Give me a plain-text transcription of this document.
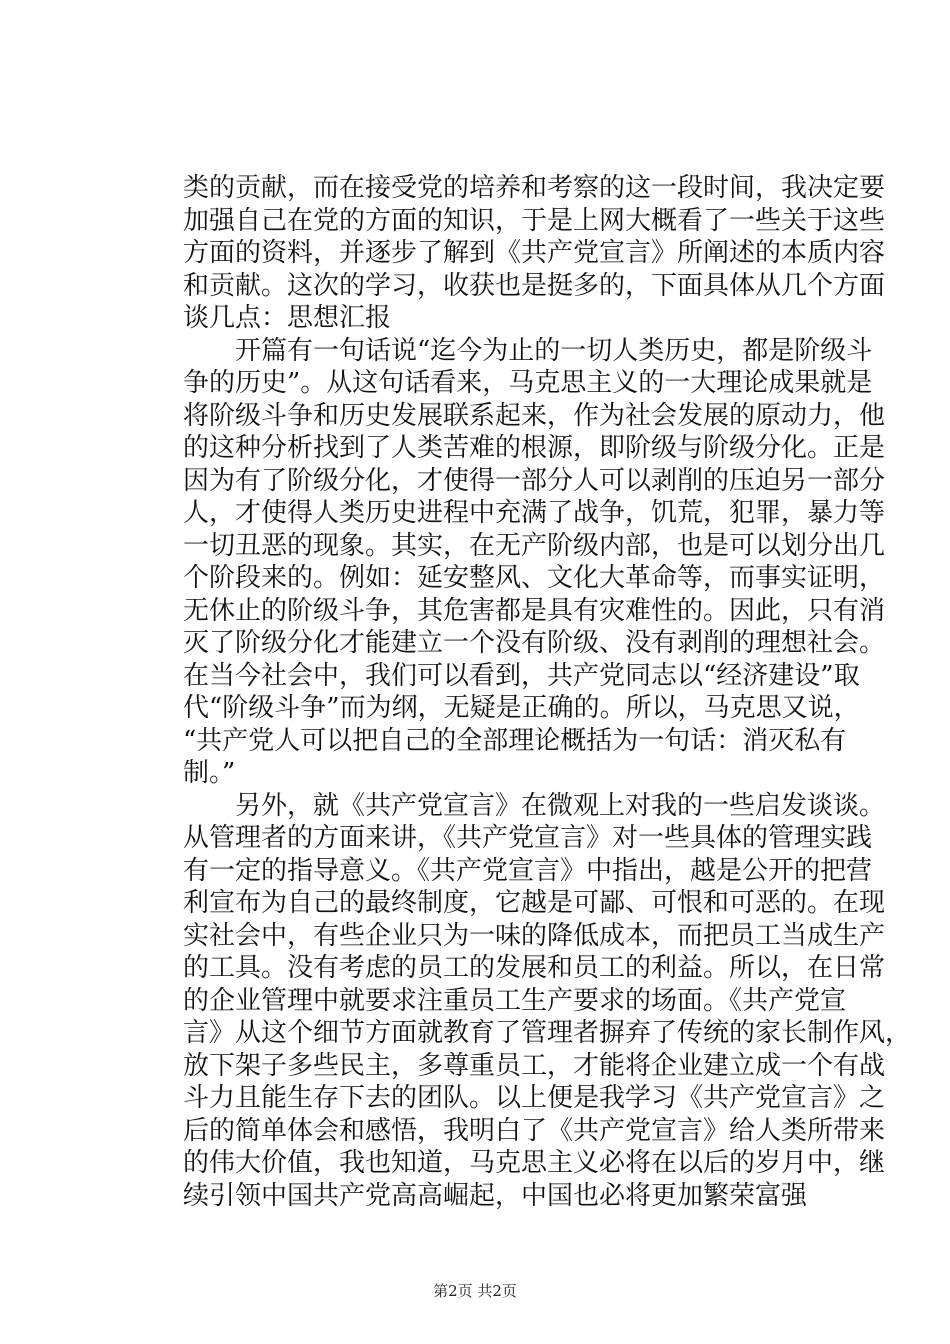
类的贡献，而在接受党的培养和考察的这一段时间，我决定要
加强自己在党的方面的知识，于是上网大概看了一些关于这些
方面的资料，并逐步了解到《共产党宣言》所阐述的本质内容
和贡献。这次的学习，收获也是挺多的，下面具体从几个方面
谈几点：思想汇报
　　开篇有一句话说“迄今为止的一切人类历史，都是阶级斗
争的历史”。从这句话看来，马克思主义的一大理论成果就是
将阶级斗争和历史发展联系起来，作为社会发展的原动力，他
的这种分析找到了人类苦难的根源，即阶级与阶级分化。正是
因为有了阶级分化，才使得一部分人可以剥削的压迫另一部分
人，才使得人类历史进程中充满了战争，饥荒，犯罪，暴力等
一切丑恶的现象。其实，在无产阶级内部，也是可以划分出几
个阶段来的。例如：延安整风、文化大革命等，而事实证明，
无休止的阶级斗争，其危害都是具有灾难性的。因此，只有消
灭了阶级分化才能建立一个没有阶级、没有剥削的理想社会。
在当今社会中，我们可以看到，共产党同志以“经济建设”取
代“阶级斗争”而为纲，无疑是正确的。所以，马克思又说，
“共产党人可以把自己的全部理论概括为一句话：消灭私有
制。”
　　另外，就《共产党宣言》在微观上对我的一些启发谈谈。
从管理者的方面来讲，《共产党宣言》对一些具体的管理实践
有一定的指导意义。《共产党宣言》中指出，越是公开的把营
利宣布为自己的最终制度，它越是可鄙、可恨和可恶的。在现
实社会中，有些企业只为一味的降低成本，而把员工当成生产
的工具。没有考虑的员工的发展和员工的利益。所以，在日常
的企业管理中就要求注重员工生产要求的场面。《共产党宣
言》从这个细节方面就教育了管理者摒弃了传统的家长制作风，
放下架子多些民主，多尊重员工，才能将企业建立成一个有战
斗力且能生存下去的团队。以上便是我学习《共产党宣言》之
后的简单体会和感悟，我明白了《共产党宣言》给人类所带来
的伟大价值，我也知道，马克思主义必将在以后的岁月中，继
续引领中国共产党高高崛起，中国也必将更加繁荣富强
第2页 共2页
